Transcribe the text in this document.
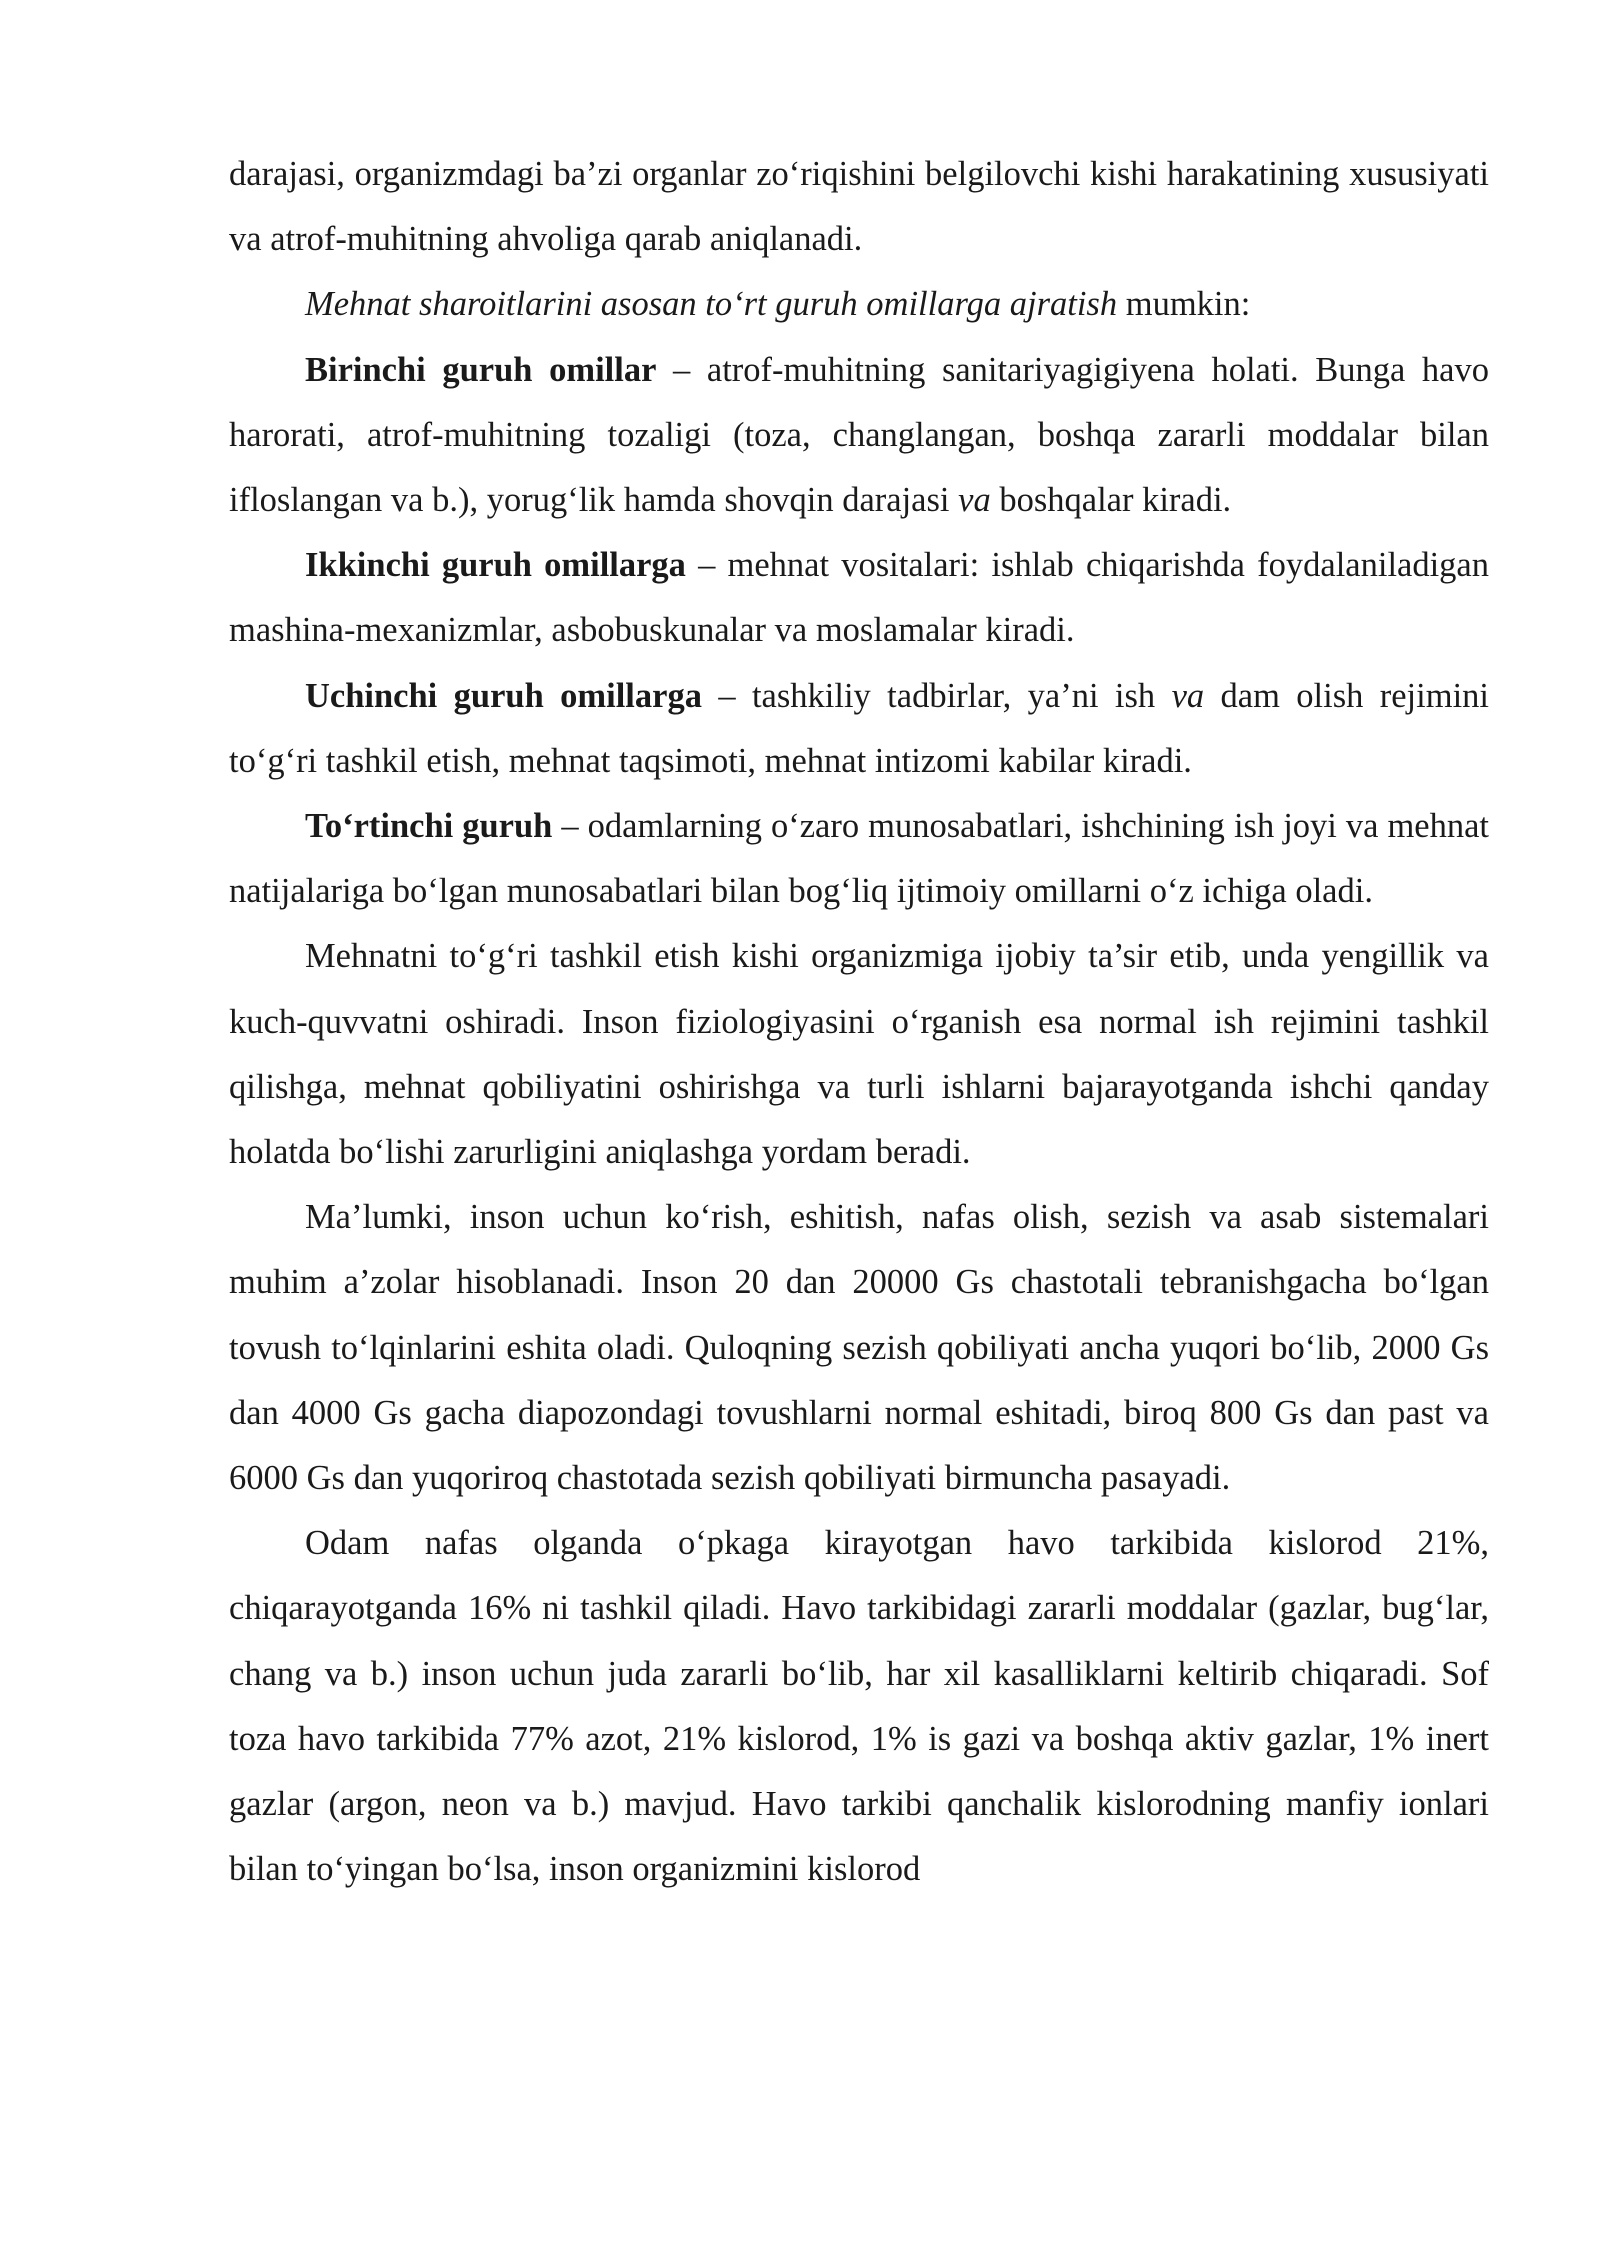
darajasi, organizmdagi ba’zi organlar zo‘riqishini belgilovchi kishi harakatining xususiyati va atrof-muhitning ahvoliga qarab aniqlanadi.

Mehnat sharoitlarini asosan to‘rt guruh omillarga ajratish mumkin:

Birinchi guruh omillar – atrof-muhitning sanitariyagigiyena holati. Bunga havo harorati, atrof-muhitning tozaligi (toza, changlangan, boshqa zararli moddalar bilan ifloslangan va b.), yorug‘lik hamda shovqin darajasi va boshqalar kiradi.

Ikkinchi guruh omillarga – mehnat vositalari: ishlab chiqarishda foydalaniladigan mashina-mexanizmlar, asbobuskunalar va moslamalar kiradi.

Uchinchi guruh omillarga – tashkiliy tadbirlar, ya’ni ish va dam olish rejimini to‘g‘ri tashkil etish, mehnat taqsimoti, mehnat intizomi kabilar kiradi.

To‘rtinchi guruh – odamlarning o‘zaro munosabatlari, ishchining ish joyi va mehnat natijalariga bo‘lgan munosabatlari bilan bog‘liq ijtimoiy omillarni o‘z ichiga oladi.

Mehnatni to‘g‘ri tashkil etish kishi organizmiga ijobiy ta’sir etib, unda yengillik va kuch-quvvatni oshiradi. Inson fiziologiyasini o‘rganish esa normal ish rejimini tashkil qilishga, mehnat qobiliyatini oshirishga va turli ishlarni bajarayotganda ishchi qanday holatda bo‘lishi zarurligini aniqlashga yordam beradi.

Ma’lumki, inson uchun ko‘rish, eshitish, nafas olish, sezish va asab sistemalari muhim a’zolar hisoblanadi. Inson 20 dan 20000 Gs chastotali tebranishgacha bo‘lgan tovush to‘lqinlarini eshita oladi. Quloqning sezish qobiliyati ancha yuqori bo‘lib, 2000 Gs dan 4000 Gs gacha diapozondagi tovushlarni normal eshitadi, biroq 800 Gs dan past va 6000 Gs dan yuqoriroq chastotada sezish qobiliyati birmuncha pasayadi.

Odam nafas olganda o‘pkaga kirayotgan havo tarkibida kislorod 21%, chiqarayotganda 16% ni tashkil qiladi. Havo tarkibidagi zararli moddalar (gazlar, bug‘lar, chang va b.) inson uchun juda zararli bo‘lib, har xil kasalliklarni keltirib chiqaradi. Sof toza havo tarkibida 77% azot, 21% kislorod, 1% is gazi va boshqa aktiv gazlar, 1% inert gazlar (argon, neon va b.) mavjud. Havo tarkibi qanchalik kislorodning manfiy ionlari bilan to‘yingan bo‘lsa, inson organizmini kislorod
